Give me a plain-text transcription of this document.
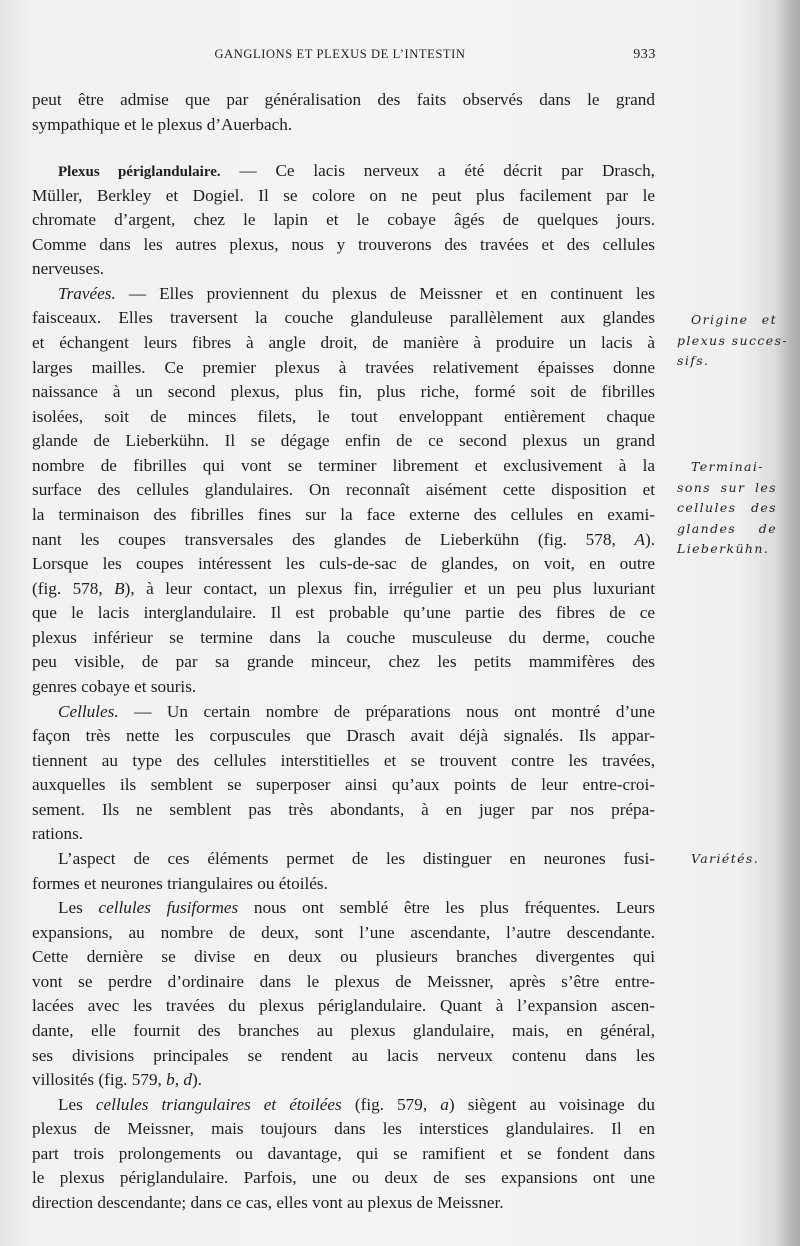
GANGLIONS ET PLEXUS DE L’INTESTIN	933
peut être admise que par généralisation des faits observés dans le grand
sympathique et le plexus d’Auerbach.
Plexus périglandulaire. — Ce lacis nerveux a été décrit par Drasch,
Müller, Berkley et Dogiel. Il se colore on ne peut plus facilement par le
chromate d’argent, chez le lapin et le cobaye âgés de quelques jours.
Comme dans les autres plexus, nous y trouverons des travées et des cellules
nerveuses.
Travées. — Elles proviennent du plexus de Meissner et en continuent les
faisceaux. Elles traversent la couche glanduleuse parallèlement aux glandes
et échangent leurs fibres à angle droit, de manière à produire un lacis à
larges mailles. Ce premier plexus à travées relativement épaisses donne
naissance à un second plexus, plus fin, plus riche, formé soit de fibrilles
isolées, soit de minces filets, le tout enveloppant entièrement chaque
glande de Lieberkühn. Il se dégage enfin de ce second plexus un grand
nombre de fibrilles qui vont se terminer librement et exclusivement à la
surface des cellules glandulaires. On reconnaît aisément cette disposition et
la terminaison des fibrilles fines sur la face externe des cellules en exami-
nant les coupes transversales des glandes de Lieberkühn (fig. 578, A).
Lorsque les coupes intéressent les culs-de-sac de glandes, on voit, en outre
(fig. 578, B), à leur contact, un plexus fin, irrégulier et un peu plus luxuriant
que le lacis interglandulaire. Il est probable qu’une partie des fibres de ce
plexus inférieur se termine dans la couche musculeuse du derme, couche
peu visible, de par sa grande minceur, chez les petits mammifères des
genres cobaye et souris.
Cellules. — Un certain nombre de préparations nous ont montré d’une
façon très nette les corpuscules que Drasch avait déjà signalés. Ils appar-
tiennent au type des cellules interstitielles et se trouvent contre les travées,
auxquelles ils semblent se superposer ainsi qu’aux points de leur entre-croi-
sement. Ils ne semblent pas très abondants, à en juger par nos prépa-
rations.
L’aspect de ces éléments permet de les distinguer en neurones fusi-
formes et neurones triangulaires ou étoilés.
Les cellules fusiformes nous ont semblé être les plus fréquentes. Leurs
expansions, au nombre de deux, sont l’une ascendante, l’autre descendante.
Cette dernière se divise en deux ou plusieurs branches divergentes qui
vont se perdre d’ordinaire dans le plexus de Meissner, après s’être entre-
lacées avec les travées du plexus périglandulaire. Quant à l’expansion ascen-
dante, elle fournit des branches au plexus glandulaire, mais, en général,
ses divisions principales se rendent au lacis nerveux contenu dans les
villosités (fig. 579, b, d).
Les cellules triangulaires et étoilées (fig. 579, a) siègent au voisinage du
plexus de Meissner, mais toujours dans les interstices glandulaires. Il en
part trois prolongements ou davantage, qui se ramifient et se fondent dans
le plexus périglandulaire. Parfois, une ou deux de ses expansions ont une
direction descendante; dans ce cas, elles vont au plexus de Meissner.
Origine et
plexus succes-
sifs.
Terminai-
sons sur les
cellules des
glandes de
Lieberkühn.
Variétés.
